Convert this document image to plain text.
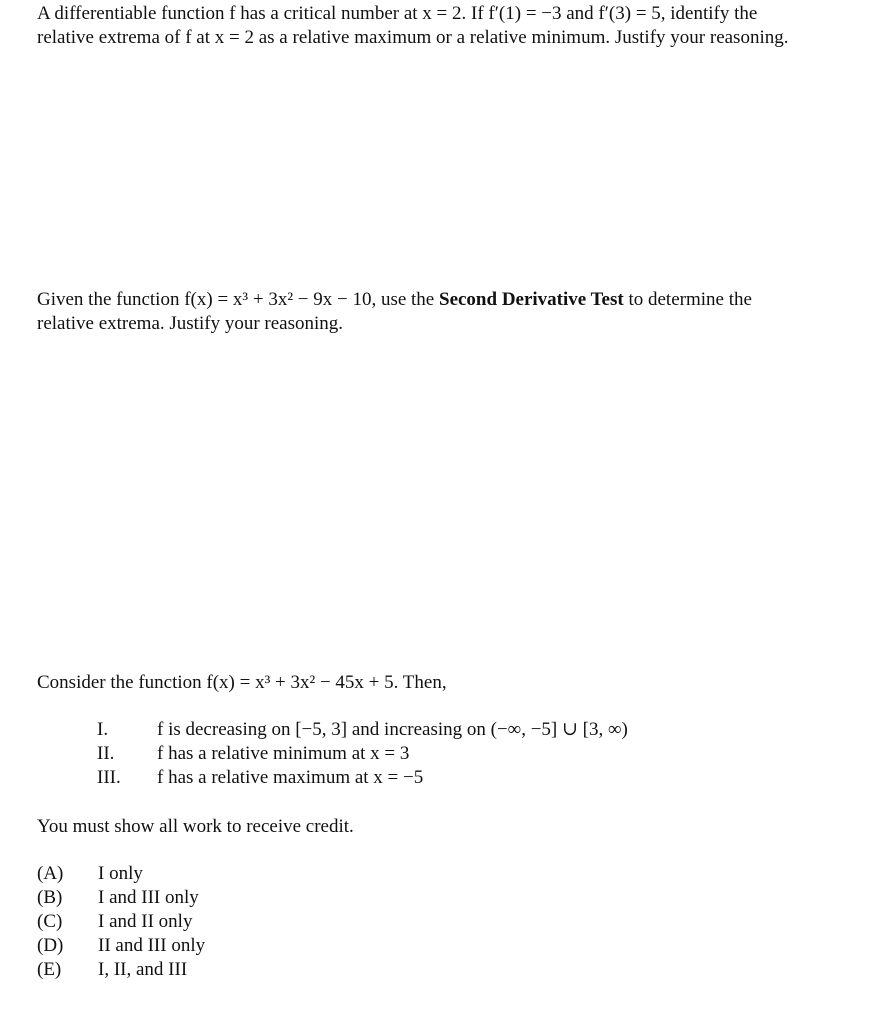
A differentiable function f has a critical number at x = 2. If f′(1) = −3 and f′(3) = 5, identify the
relative extrema of f at x = 2 as a relative maximum or a relative minimum. Justify your reasoning.
Given the function f(x) = x³ + 3x² − 9x − 10, use the Second Derivative Test to determine the
relative extrema. Justify your reasoning.
Consider the function f(x) = x³ + 3x² − 45x + 5. Then,
I.	f is decreasing on [−5, 3] and increasing on (−∞, −5] ∪ [3, ∞)
II.	f has a relative minimum at x = 3
III.	f has a relative maximum at x = −5
You must show all work to receive credit.
(A)	I only
(B)	I and III only
(C)	I and II only
(D)	II and III only
(E)	I, II, and III
